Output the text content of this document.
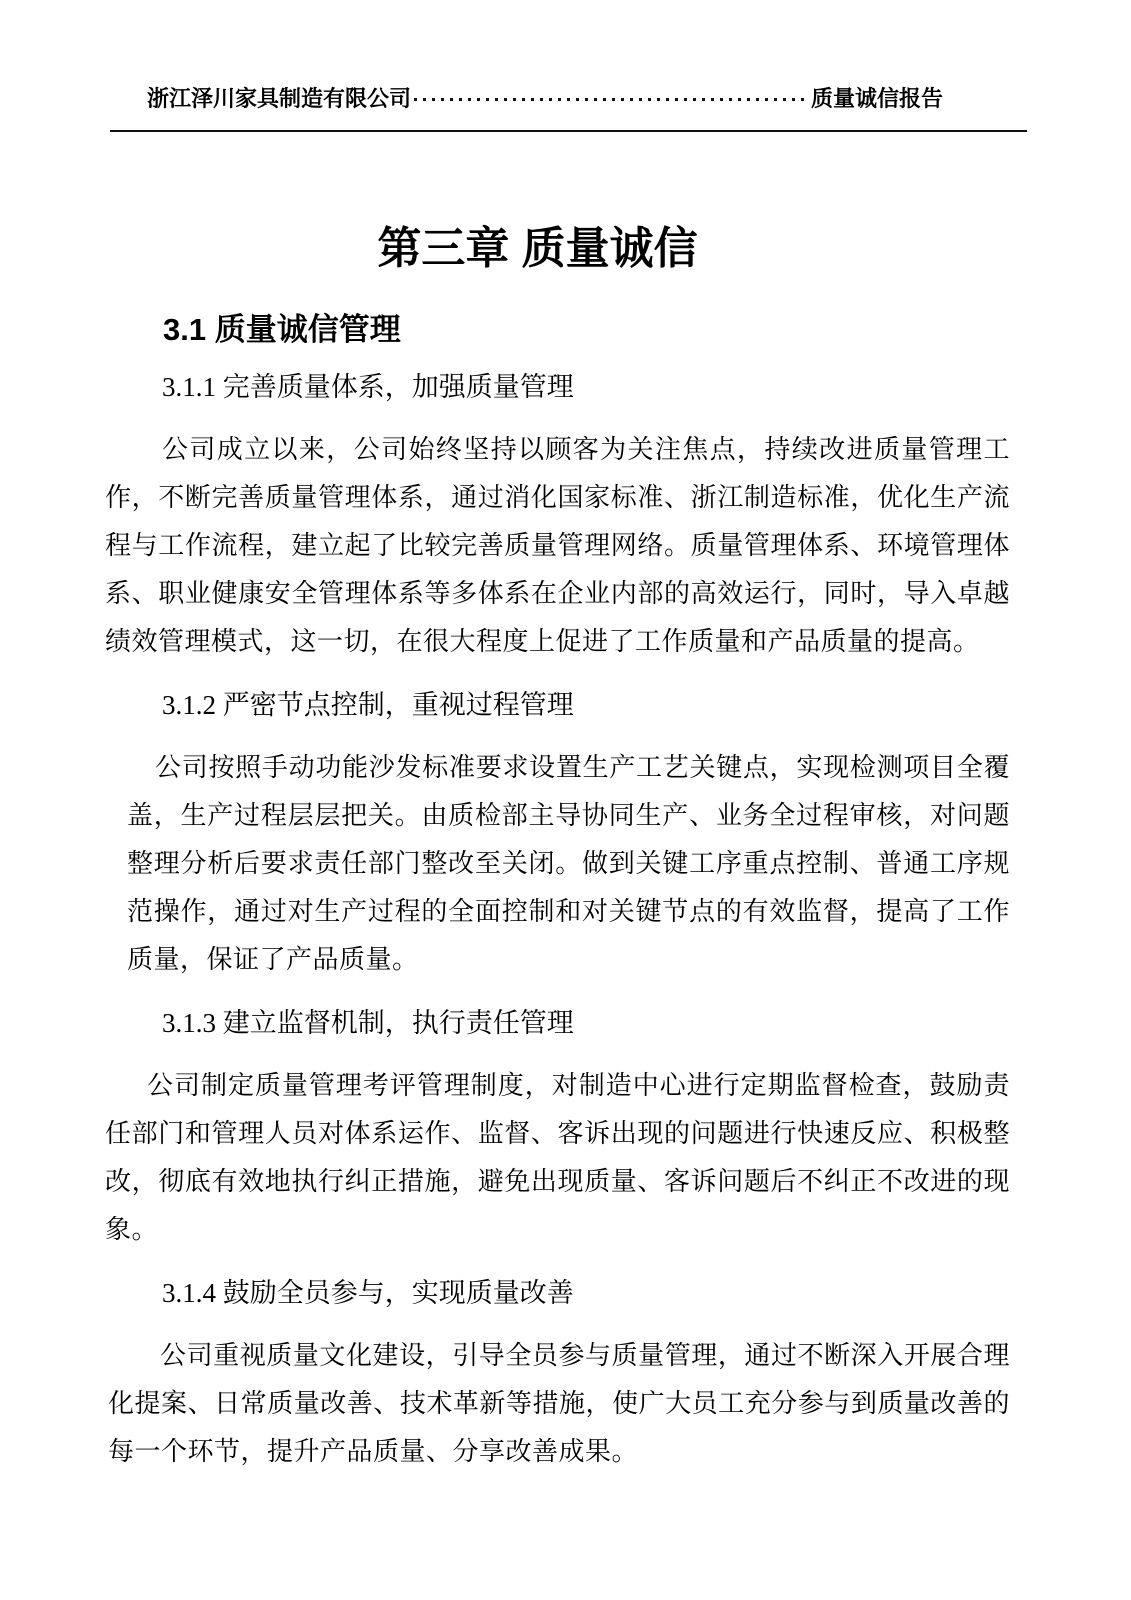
浙江泽川家具制造有限公司	质量诚信报告
第三章 质量诚信
3.1 质量诚信管理
3.1.1 完善质量体系，加强质量管理

公司成立以来，公司始终坚持以顾客为关注焦点，持续改进质量管理工作，不断完善质量管理体系，通过消化国家标准、浙江制造标准，优化生产流程与工作流程，建立起了比较完善质量管理网络。质量管理体系、环境管理体系、职业健康安全管理体系等多体系在企业内部的高效运行，同时，导入卓越绩效管理模式，这一切，在很大程度上促进了工作质量和产品质量的提高。

3.1.2 严密节点控制，重视过程管理

公司按照手动功能沙发标准要求设置生产工艺关键点，实现检测项目全覆盖，生产过程层层把关。由质检部主导协同生产、业务全过程审核，对问题整理分析后要求责任部门整改至关闭。做到关键工序重点控制、普通工序规范操作，通过对生产过程的全面控制和对关键节点的有效监督，提高了工作质量，保证了产品质量。

3.1.3 建立监督机制，执行责任管理

公司制定质量管理考评管理制度，对制造中心进行定期监督检查，鼓励责任部门和管理人员对体系运作、监督、客诉出现的问题进行快速反应、积极整改，彻底有效地执行纠正措施，避免出现质量、客诉问题后不纠正不改进的现象。

3.1.4 鼓励全员参与，实现质量改善

公司重视质量文化建设，引导全员参与质量管理，通过不断深入开展合理化提案、日常质量改善、技术革新等措施，使广大员工充分参与到质量改善的每一个环节，提升产品质量、分享改善成果。
